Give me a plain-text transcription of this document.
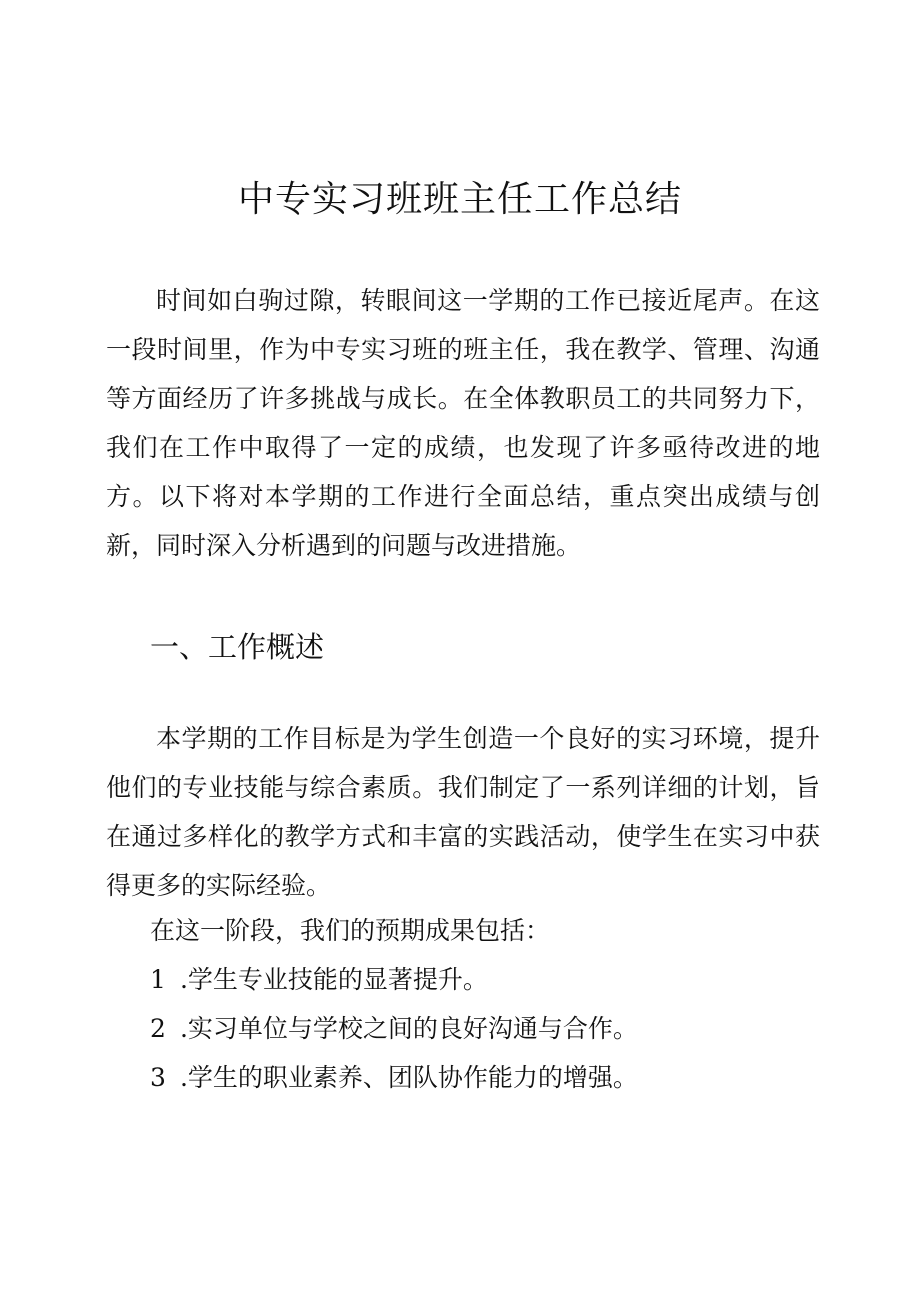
中专实习班班主任工作总结

时间如白驹过隙，转眼间这一学期的工作已接近尾声。在这一段时间里，作为中专实习班的班主任，我在教学、管理、沟通等方面经历了许多挑战与成长。在全体教职员工的共同努力下，我们在工作中取得了一定的成绩，也发现了许多亟待改进的地方。以下将对本学期的工作进行全面总结，重点突出成绩与创新，同时深入分析遇到的问题与改进措施。

一、工作概述

本学期的工作目标是为学生创造一个良好的实习环境，提升他们的专业技能与综合素质。我们制定了一系列详细的计划，旨在通过多样化的教学方式和丰富的实践活动，使学生在实习中获得更多的实际经验。

在这一阶段，我们的预期成果包括：

1 .学生专业技能的显著提升。
2 .实习单位与学校之间的良好沟通与合作。
3 .学生的职业素养、团队协作能力的增强。
